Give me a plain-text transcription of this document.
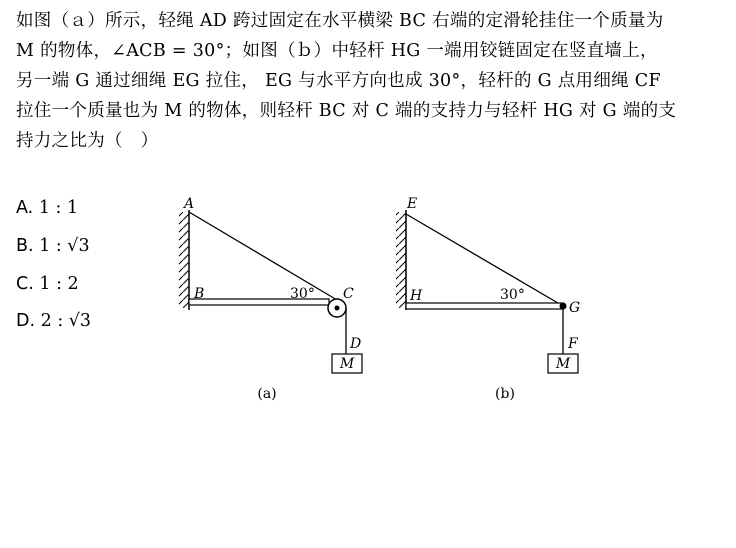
如图（ａ）所示，轻绳 AD 跨过固定在水平横梁 BC 右端的定滑轮挂住一个质量为
M 的物体，∠ACB = 30°；如图（ｂ）中轻杆 HG 一端用铰链固定在竖直墙上，
另一端 G 通过细绳 EG 拉住， EG 与水平方向也成 30°，轻杆的 G 点用细绳 CF
拉住一个质量也为 M 的物体，则轻杆 BC 对 C 端的支持力与轻杆 HG 对 G 端的支
持力之比为（　）
A. 1 : 1
B. 1 : √3
C. 1 : 2
D. 2 : √3
M
A
B	C
D
30°
(a)
M
E
H
G
F
30°
(b)
